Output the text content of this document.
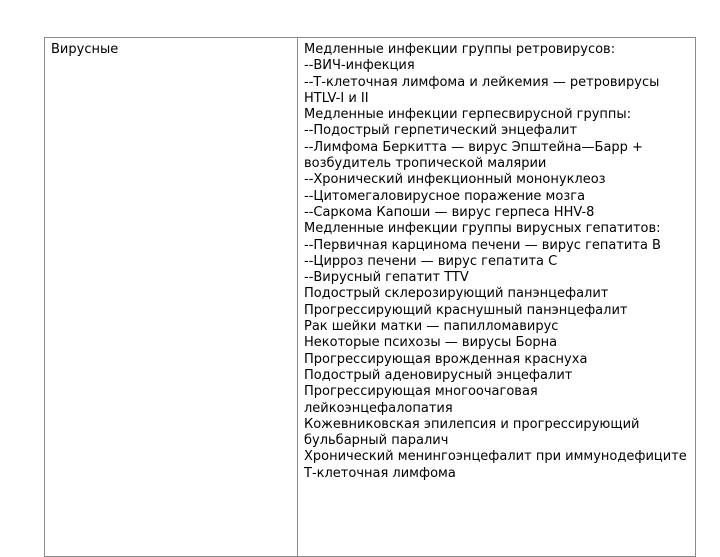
Вирусные	Медленные инфекции группы ретровирусов:
--ВИЧ-инфекция
--Т-клеточная лимфома и лейкемия — ретровирусы HTLV-I и II
Медленные инфекции герпесвирусной группы:
--Подострый герпетический энцефалит
--Лимфома Беркитта — вирус Эпштейна—Барр + возбудитель тропической малярии
--Хронический инфекционный мононуклеоз
--Цитомегаловирусное поражение мозга
--Саркома Капоши — вирус герпеса HHV-8
Медленные инфекции группы вирусных гепатитов:
--Первичная карцинома печени — вирус гепатита В
--Цирроз печени — вирус гепатита С
--Вирусный гепатит TTV
Подострый склерозирующий панэнцефалит
Прогрессирующий краснушный панэнцефалит
Рак шейки матки — папилломавирус
Некоторые психозы — вирусы Борна
Прогрессирующая врожденная краснуха
Подострый аденовирусный энцефалит
Прогрессирующая многоочаговая лейкоэнцефалопатия
Кожевниковская эпилепсия и прогрессирующий бульбарный паралич
Хронический менингоэнцефалит при иммунодефиците
Т-клеточная лимфома
